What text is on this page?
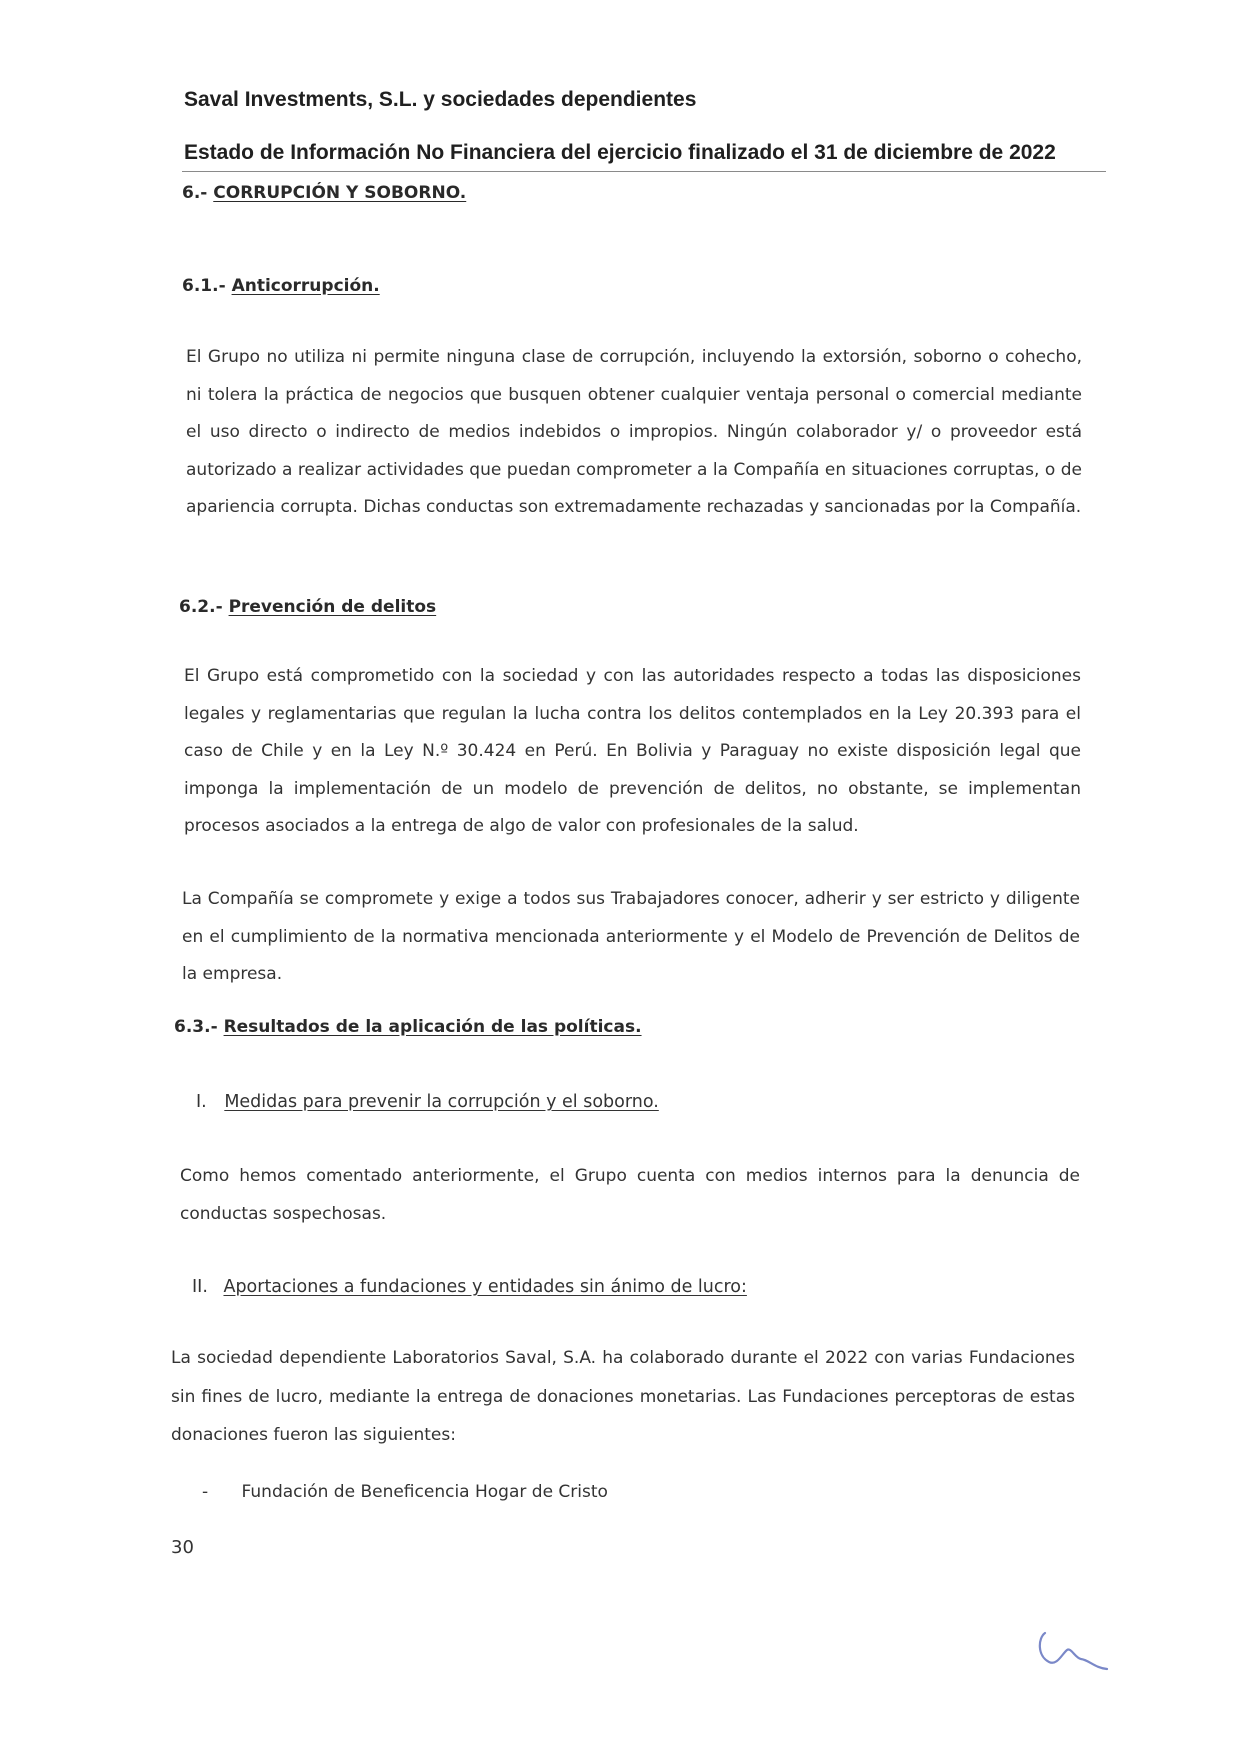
Saval Investments, S.L. y sociedades dependientes
Estado de Información No Financiera del ejercicio finalizado el 31 de diciembre de 2022
6.- CORRUPCIÓN Y SOBORNO.
6.1.- Anticorrupción.

El Grupo no utiliza ni permite ninguna clase de corrupción, incluyendo la extorsión, soborno o cohecho, ni tolera la práctica de negocios que busquen obtener cualquier ventaja personal o comercial mediante el uso directo o indirecto de medios indebidos o impropios. Ningún colaborador y/ o proveedor está autorizado a realizar actividades que puedan comprometer a la Compañía en situaciones corruptas, o de apariencia corrupta. Dichas conductas son extremadamente rechazadas y sancionadas por la Compañía.

6.2.- Prevención de delitos

El Grupo está comprometido con la sociedad y con las autoridades respecto a todas las disposiciones legales y reglamentarias que regulan la lucha contra los delitos contemplados en la Ley 20.393 para el caso de Chile y en la Ley N.º 30.424 en Perú. En Bolivia y Paraguay no existe disposición legal que imponga la implementación de un modelo de prevención de delitos, no obstante, se implementan procesos asociados a la entrega de algo de valor con profesionales de la salud.

La Compañía se compromete y exige a todos sus Trabajadores conocer, adherir y ser estricto y diligente en el cumplimiento de la normativa mencionada anteriormente y el Modelo de Prevención de Delitos de la empresa.

6.3.- Resultados de la aplicación de las políticas.
I. Medidas para prevenir la corrupción y el soborno.

Como hemos comentado anteriormente, el Grupo cuenta con medios internos para la denuncia de conductas sospechosas.

II. Aportaciones a fundaciones y entidades sin ánimo de lucro:

La sociedad dependiente Laboratorios Saval, S.A. ha colaborado durante el 2022 con varias Fundaciones sin fines de lucro, mediante la entrega de donaciones monetarias. Las Fundaciones perceptoras de estas donaciones fueron las siguientes:

- Fundación de Beneficencia Hogar de Cristo
30
